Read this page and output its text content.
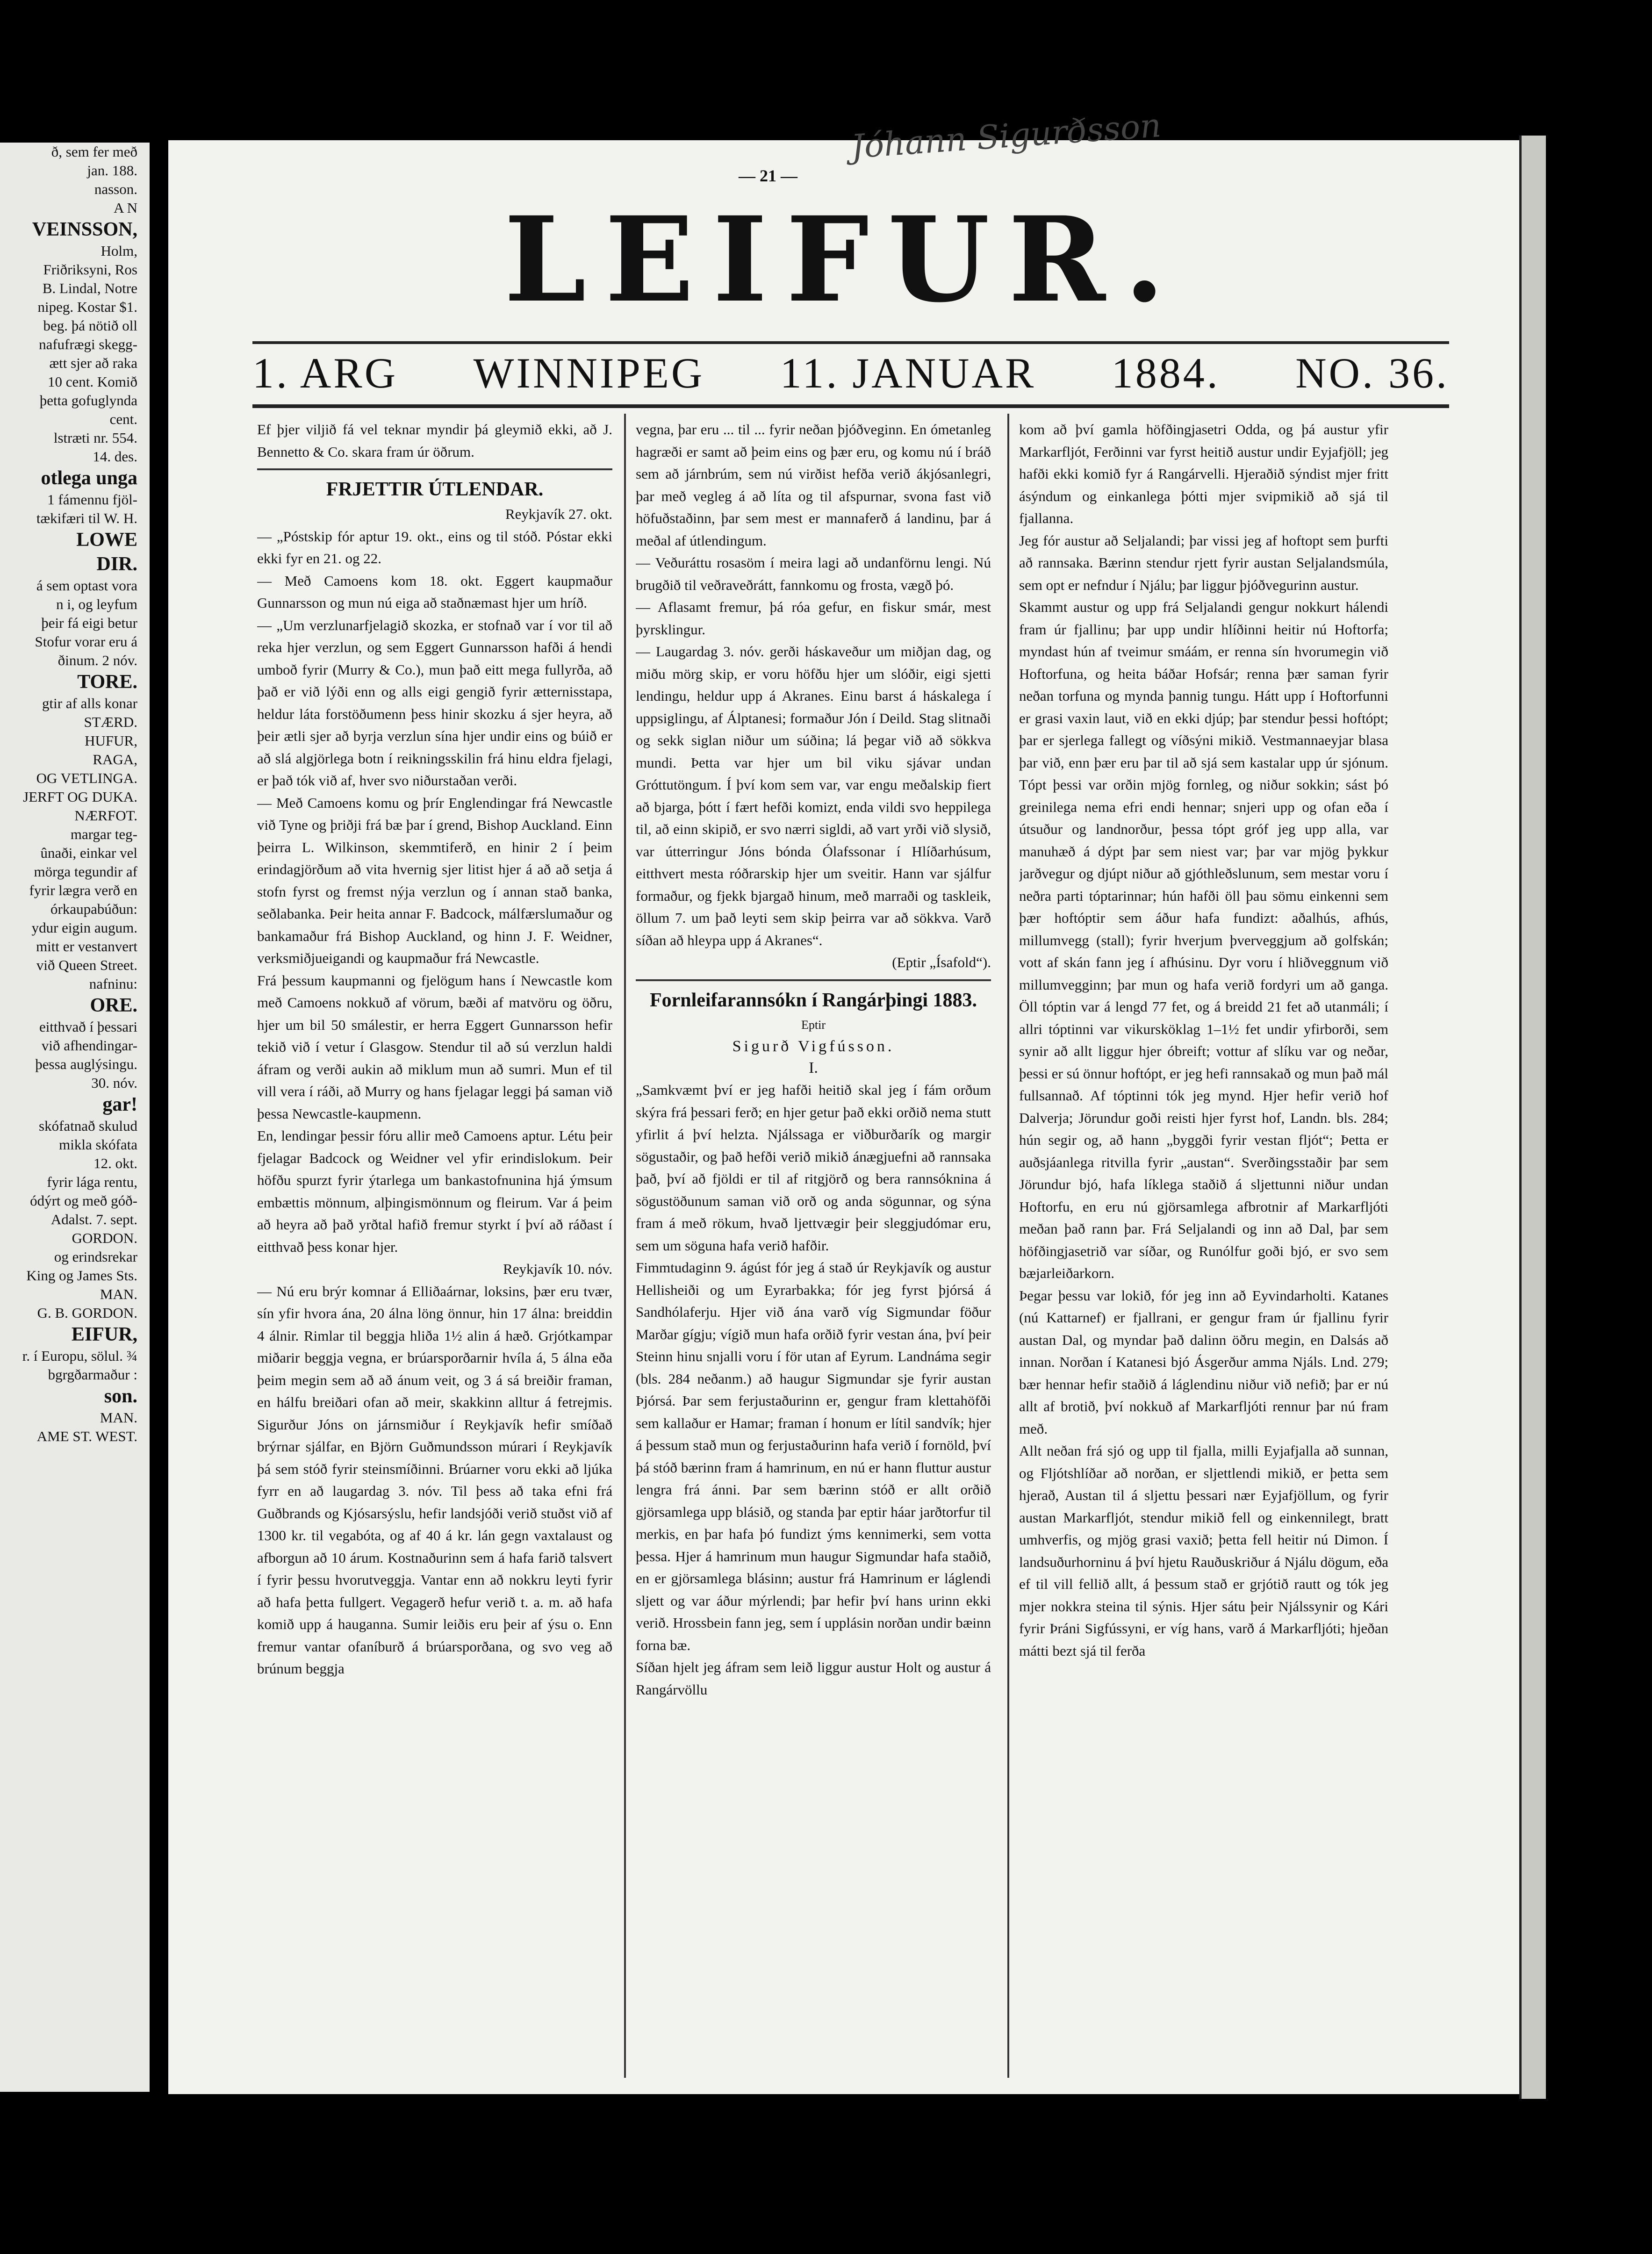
ð, sem fer með
jan. 188.
nasson.
A N
VEINSSON,
Holm,
Friðriksyni, Ros
B. Lindal, Notre
nipeg. Kostar $1.
beg. þá nötið oll
nafufrægi skegg-
ætt sjer að raka
10 cent. Komið
þetta gofuglynda
cent.
lstræti nr. 554.
14. des.
otlega unga
1 fámennu fjöl-
tækifæri til W. H.
LOWE
DIR.
á sem optast vora
n i, og leyfum
þeir fá eigi betur
Stofur vorar eru á
ðinum. 2 nóv.
TORE.
gtir af alls konar
STÆRD.
HUFUR,
RAGA,
OG VETLINGA.
JERFT OG DUKA.
NÆRFOT.
margar teg-
ûnaði, einkar vel
mörga tegundir af
fyrir lægra verð en
órkaupabúðun:
ydur eigin augum.
mitt er vestanvert
við Queen Street.
nafninu:
ORE.
eitthvað í þessari
við afhendingar-
þessa auglýsingu.
30. nóv.
gar!
skófatnað skulud
mikla skófata
12. okt.
fyrir lága rentu,
ódýrt og með góð-
Adalst. 7. sept.
GORDON.
og erindsrekar
King og James Sts.
MAN.
G. B. GORDON.
EIFUR,
r. í Europu, sölul. ¾
bgrgðarmaður :
son.
MAN.
AME ST. WEST.
— 21 —
LEIFUR.
1. ARG WINNIPEG 11. JANUAR 1884. NO. 36.

Ef þjer viljið fá vel teknar myndir þá gleymið ekki, að J. Bennetto & Co. skara fram úr öðrum.

FRJETTIR ÚTLENDAR.
Reykjavík 27. okt.

— „Póstskip fór aptur 19. okt., eins og til stóð. Póstar ekki ekki fyr en 21. og 22.

— Með Camoens kom 18. okt. Eggert kaupmaður Gunnarsson og mun nú eiga að staðnæmast hjer um hríð.

— „Um verzlunarfjelagið skozka, er stofnað var í vor til að reka hjer verzlun, og sem Eggert Gunnarsson hafði á hendi umboð fyrir (Murry & Co.), mun það eitt mega fullyrða, að það er við lýði enn og alls eigi gengið fyrir ætternisstapa, heldur láta forstöðumenn þess hinir skozku á sjer heyra, að þeir ætli sjer að byrja verzlun sína hjer undir eins og búið er að slá algjörlega botn í reikningsskilin frá hinu eldra fjelagi, er það tók við af, hver svo niðurstaðan verði.

— Með Camoens komu og þrír Englendingar frá Newcastle við Tyne og þriðji frá bæ þar í grend, Bishop Auckland. Einn þeirra L. Wilkinson, skemmtiferð, en hinir 2 í þeim erindagjörðum að vita hvernig sjer litist hjer á að að setja á stofn fyrst og fremst nýja verzlun og í annan stað banka, seðlabanka. Þeir heita annar F. Badcock, málfærslumaður og bankamaður frá Bishop Auckland, og hinn J. F. Weidner, verksmiðjueigandi og kaupmaður frá Newcastle.

Frá þessum kaupmanni og fjelögum hans í Newcastle kom með Camoens nokkuð af vörum, bæði af matvöru og öðru, hjer um bil 50 smálestir, er herra Eggert Gunnarsson hefir tekið við í vetur í Glasgow. Stendur til að sú verzlun haldi áfram og verði aukin að miklum mun að sumri. Mun ef til vill vera í ráði, að Murry og hans fjelagar leggi þá saman við þessa Newcastle-kaupmenn.

En, lendingar þessir fóru allir með Camoens aptur. Létu þeir fjelagar Badcock og Weidner vel yfir erindislokum. Þeir höfðu spurzt fyrir ýtarlega um bankastofnunina hjá ýmsum embættis mönnum, alþingismönnum og fleirum. Var á þeim að heyra að það yrðtal hafið fremur styrkt í því að ráðast í eitthvað þess konar hjer.

Reykjavík 10. nóv.

— Nú eru brýr komnar á Elliðaárnar, loksins, þær eru tvær, sín yfir hvora ána, 20 álna löng önnur, hin 17 álna: breiddin 4 álnir. Rimlar til beggja hliða 1½ alin á hæð. Grjótkampar miðarir beggja vegna, er brúarsporðarnir hvíla á, 5 álna eða þeim megin sem að að ánum veit, og 3 á sá breiðir framan, en hálfu breiðari ofan að meir, skakkinn alltur á fetrejmis. Sigurður Jóns on járnsmiður í Reykjavík hefir smíðað brýrnar sjálfar, en Björn Guðmundsson múrari í Reykjavík þá sem stóð fyrir steinsmíðinni. Brúarner voru ekki að ljúka fyrr en að laugardag 3. nóv. Til þess að taka efni frá Guðbrands og Kjósarsýslu, hefir landsjóði verið stuðst við af 1300 kr. til vegabóta, og af 40 á kr. lán gegn vaxtalaust og afborgun að 10 árum. Kostnaðurinn sem á hafa farið talsvert í fyrir þessu hvorutveggja. Vantar enn að nokkru leyti fyrir að hafa þetta fullgert. Vegagerð hefur verið t. a. m. að hafa komið upp á hauganna. Sumir leiðis eru þeir af ýsu o. Enn fremur vantar ofaníburð á brúarsporðana, og svo veg að brúnum beggja

vegna, þar eru ... til ... fyrir neðan þjóðveginn. En ómetanleg hagræði er samt að þeim eins og þær eru, og komu nú í bráð sem að járnbrúm, sem nú virðist hefða verið ákjósanlegri, þar með vegleg á að líta og til afspurnar, svona fast við höfuðstaðinn, þar sem mest er mannaferð á landinu, þar á meðal af útlendingum.

— Veðuráttu rosasöm í meira lagi að undanförnu lengi. Nú brugðið til veðraveðrátt, fannkomu og frosta, vægð þó.

— Aflasamt fremur, þá róa gefur, en fiskur smár, mest þyrsklingur.

— Laugardag 3. nóv. gerði háskaveður um miðjan dag, og miðu mörg skip, er voru höfðu hjer um slóðir, eigi sjetti lendingu, heldur upp á Akranes. Einu barst á háskalega í uppsiglingu, af Álptanesi; formaður Jón í Deild. Stag slitnaði og sekk siglan niður um súðina; lá þegar við að sökkva mundi. Þetta var hjer um bil viku sjávar undan Gróttutöngum. Í því kom sem var, var engu meðalskip fiert að bjarga, þótt í fært hefði komizt, enda vildi svo heppilega til, að einn skipið, er svo nærri sigldi, að vart yrði við slysið, var útterringur Jóns bónda Ólafssonar í Hlíðarhúsum, eitthvert mesta róðrarskip hjer um sveitir. Hann var sjálfur formaður, og fjekk bjargað hinum, með marraði og taskleik, öllum 7. um það leyti sem skip þeirra var að sökkva. Varð síðan að hleypa upp á Akranes“.

(Eptir „Ísafold“).
Fornleifarannsókn í Rangárþingi 1883.
Eptir
Sigurð Vigfússon.
I.

„Samkvæmt því er jeg hafði heitið skal jeg í fám orðum skýra frá þessari ferð; en hjer getur það ekki orðið nema stutt yfirlit á því helzta. Njálssaga er viðburðarík og margir sögustaðir, og það hefði verið mikið ánægjuefni að rannsaka það, því að fjöldi er til af ritgjörð og bera rannsóknina á sögustöðunum saman við orð og anda sögunnar, og sýna fram á með rökum, hvað ljettvægir þeir sleggjudómar eru, sem um söguna hafa verið hafðir.

Fimmtudaginn 9. ágúst fór jeg á stað úr Reykjavík og austur Hellisheiði og um Eyrarbakka; fór jeg fyrst þjórsá á Sandhólaferju. Hjer við ána varð víg Sigmundar föður Marðar gígju; vígið mun hafa orðið fyrir vestan ána, því þeir Steinn hinu snjalli voru í för utan af Eyrum. Landnáma segir (bls. 284 neðanm.) að haugur Sigmundar sje fyrir austan Þjórsá. Þar sem ferjustaðurinn er, gengur fram klettahöfði sem kallaður er Hamar; framan í honum er lítil sandvík; hjer á þessum stað mun og ferjustaðurinn hafa verið í fornöld, því þá stóð bærinn fram á hamrinum, en nú er hann fluttur austur lengra frá ánni. Þar sem bærinn stóð er allt orðið gjörsamlega upp blásið, og standa þar eptir háar jarðtorfur til merkis, en þar hafa þó fundizt ýms kennimerki, sem votta þessa. Hjer á hamrinum mun haugur Sigmundar hafa staðið, en er gjörsamlega blásinn; austur frá Hamrinum er láglendi sljett og var áður mýrlendi; þar hefir því hans urinn ekki verið. Hrossbein fann jeg, sem í upplásin norðan undir bæinn forna bæ.

Síðan hjelt jeg áfram sem leið liggur austur Holt og austur á Rangárvöllu

kom að því gamla höfðingjasetri Odda, og þá austur yfir Markarfljót, Ferðinni var fyrst heitið austur undir Eyjafjöll; jeg hafði ekki komið fyr á Rangárvelli. Hjeraðið sýndist mjer fritt ásýndum og einkanlega þótti mjer svipmikið að sjá til fjallanna.

Jeg fór austur að Seljalandi; þar vissi jeg af hoftopt sem þurfti að rannsaka. Bærinn stendur rjett fyrir austan Seljalandsmúla, sem opt er nefndur í Njálu; þar liggur þjóðvegurinn austur.

Skammt austur og upp frá Seljalandi gengur nokkurt hálendi fram úr fjallinu; þar upp undir hlíðinni heitir nú Hoftorfa; myndast hún af tveimur smáám, er renna sín hvorumegin við Hoftorfuna, og heita báðar Hofsár; renna þær saman fyrir neðan torfuna og mynda þannig tungu. Hátt upp í Hoftorfunni er grasi vaxin laut, við en ekki djúp; þar stendur þessi hoftópt; þar er sjerlega fallegt og víðsýni mikið. Vestmannaeyjar blasa þar við, enn þær eru þar til að sjá sem kastalar upp úr sjónum. Tópt þessi var orðin mjög fornleg, og niður sokkin; sást þó greinilega nema efri endi hennar; snjeri upp og ofan eða í útsuður og landnorður, þessa tópt gróf jeg upp alla, var manuhæð á dýpt þar sem niest var; þar var mjög þykkur jarðvegur og djúpt niður að gjóthleðslunum, sem mestar voru í neðra parti tóptarinnar; hún hafði öll þau sömu einkenni sem þær hoftóptir sem áður hafa fundizt: aðalhús, afhús, millumvegg (stall); fyrir hverjum þverveggjum að golfskán; vott af skán fann jeg í afhúsinu. Dyr voru í hliðveggnum við millumvegginn; þar mun og hafa verið fordyri um að ganga. Öll tóptin var á lengd 77 fet, og á breidd 21 fet að utanmáli; í allri tóptinni var vikursköklag 1–1½ fet undir yfirborði, sem synir að allt liggur hjer óbreift; vottur af slíku var og neðar, þessi er sú önnur hoftópt, er jeg hefi rannsakað og mun það mál fullsannað. Af tóptinni tók jeg mynd. Hjer hefir verið hof Dalverja; Jörundur goði reisti hjer fyrst hof, Landn. bls. 284; hún segir og, að hann „byggði fyrir vestan fljót“; Þetta er auðsjáanlega ritvilla fyrir „austan“. Sverðingsstaðir þar sem Jörundur bjó, hafa líklega staðið á sljettunni niður undan Hoftorfu, en eru nú gjörsamlega afbrotnir af Markarfljóti meðan það rann þar. Frá Seljalandi og inn að Dal, þar sem höfðingjasetrið var síðar, og Runólfur goði bjó, er svo sem bæjarleiðarkorn.

Þegar þessu var lokið, fór jeg inn að Eyvindarholti. Katanes (nú Kattarnef) er fjallrani, er gengur fram úr fjallinu fyrir austan Dal, og myndar það dalinn öðru megin, en Dalsás að innan. Norðan í Katanesi bjó Ásgerður amma Njáls. Lnd. 279; bær hennar hefir staðið á láglendinu niður við nefið; þar er nú allt af brotið, því nokkuð af Markarfljóti rennur þar nú fram með.

Allt neðan frá sjó og upp til fjalla, milli Eyjafjalla að sunnan, og Fljótshlíðar að norðan, er sljettlendi mikið, er þetta sem hjerað, Austan til á sljettu þessari nær Eyjafjöllum, og fyrir austan Markarfljót, stendur mikið fell og einkennilegt, bratt umhverfis, og mjög grasi vaxið; þetta fell heitir nú Dimon. Í landsuðurhorninu á því hjetu Rauðuskriður á Njálu dögum, eða ef til vill fellið allt, á þessum stað er grjótið rautt og tók jeg mjer nokkra steina til sýnis. Hjer sátu þeir Njálssynir og Kári fyrir Þráni Sigfússyni, er víg hans, varð á Markarfljóti; hjeðan mátti bezt sjá til ferða

Jóhann Sigurðsson
